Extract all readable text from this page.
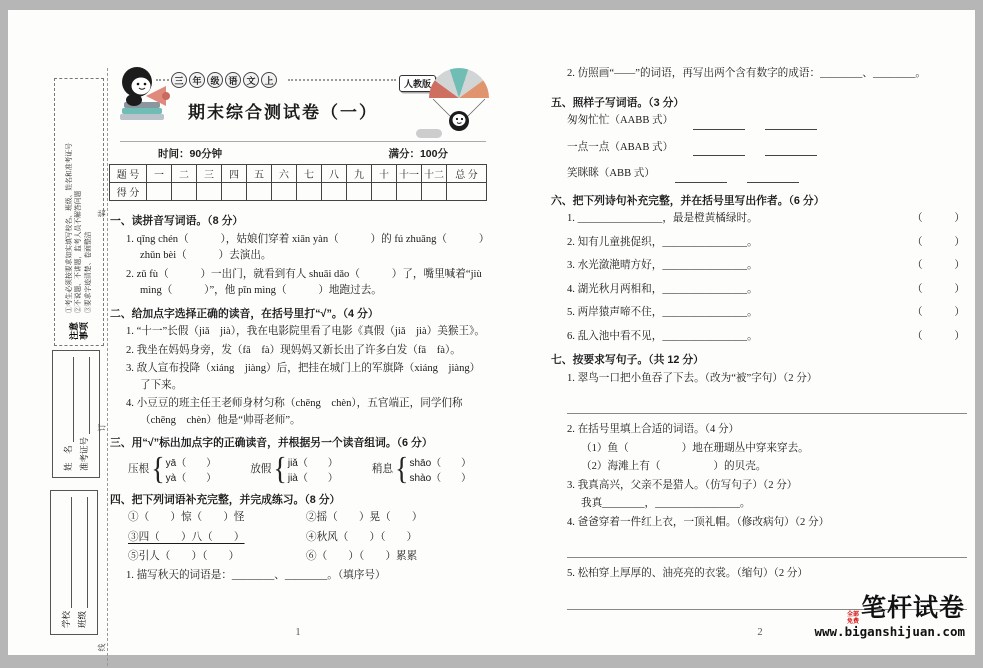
注意事项
①考生必须按要求如实填写校名、班级、姓名和准考证号 ②不说题、不讲题，监考人员不解答问题 ③要求字迹清楚、卷面整洁
姓　名 准考证号
学校 班级
装
订
线
三 年 级 语 文 上
期末综合测试卷（一）
人教版
时间：90分钟	满分：100分
题 号	一	二	三	四	五	六	七	八	九	十	十一	十二	总 分
得 分													
一、读拼音写词语。（8 分）
1. qīng chén（　　　），姑娘们穿着 xiān yàn（　　　）的 fú zhuāng（　　　）zhǔn bèi（　　　）去演出。
2. zǔ fù（　　　）一出门，就看到有人 shuāi dǎo（　　　）了，嘴里喊着“jiù mìng（　　　）”，他 pīn mìng（　　　）地跑过去。
二、给加点字选择正确的读音，在括号里打“√”。（4 分）
1. “十一”长假（jiǎ　jià），我在电影院里看了电影《真假（jiǎ　jià）美猴王》。
2. 我坐在妈妈身旁，发（fā　fà）现妈妈又新长出了许多白发（fā　fà）。
3. 敌人宣布投降（xiáng　jiàng）后，把挂在城门上的军旗降（xiáng　jiàng）了下来。
4. 小豆豆的班主任王老师身材匀称（chēng　chèn），五官端正，同学们称（chēng　chèn）他是“帅哥老师”。
三、用“√”标出加点字的正确读音，并根据另一个读音组词。（6 分）
压根 { yā（　　）
yà（　　）
放假 { jiǎ（　　）
jià（　　）
稍息 { shāo（　　）
shào（　　）
四、把下列词语补充完整，并完成练习。（8 分）
①（　　）惊（　　）怪	②摇（　　）晃（　　）
③四（　　）八（　　）	④秋风（　　）（　　）
⑤引人（　　）（　　）	⑥（　　）（　　）累累
1. 描写秋天的词语是：________、________。（填序号）
1
2. 仿照画“——”的词语，再写出两个含有数字的成语：________、________。
五、照样子写词语。（3 分）
匆匆忙忙（AABB 式）
一点一点（ABAB 式）
笑眯眯（ABB 式）
六、把下列诗句补充完整，并在括号里写出作者。（6 分）
1. ________________，最是橙黄橘绿时。	（　　　）
2. 知有儿童挑促织，________________。	（　　　）
3. 水光潋滟晴方好，________________。	（　　　）
4. 湖光秋月两相和，________________。	（　　　）
5. 两岸猿声啼不住，________________。	（　　　）
6. 乱入池中看不见，________________。	（　　　）
七、按要求写句子。（共 12 分）
1. 翠鸟一口把小鱼吞了下去。（改为“被”字句）（2 分）
2. 在括号里填上合适的词语。（4 分）
（1）鱼（　　　　　）地在珊瑚丛中穿来穿去。
（2）海滩上有（　　　　　）的贝壳。
3. 我真高兴，父亲不是猎人。（仿写句子）（2 分）
我真________，________________。
4. 爸爸穿着一件红上衣，一顶礼帽。（修改病句）（2 分）
5. 松柏穿上厚厚的、油亮亮的衣裳。（缩句）（2 分）
2
全部免费 笔杆试卷
www.biganshijuan.com
